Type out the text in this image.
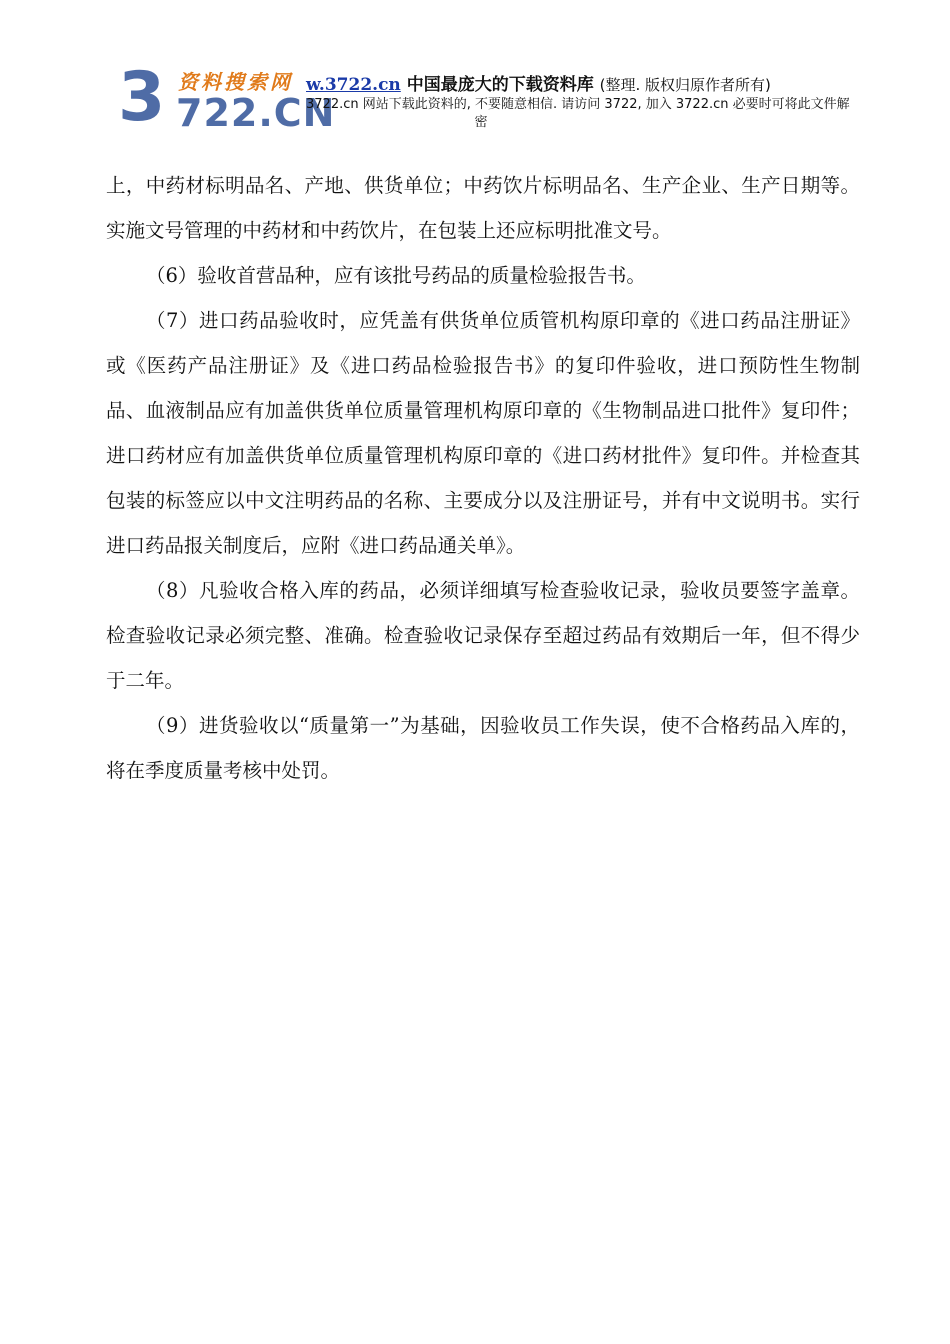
3 资料搜索网
722.CN
w.3722.cn 中国最庞大的下载资料库 (整理. 版权归原作者所有)
3722.cn 网站下载此资料的, 不要随意相信. 请访问 3722, 加入 3722.cn 必要时可将此文件解
密

上，中药材标明品名、产地、供货单位；中药饮片标明品名、生产企业、生产日期等。实施文号管理的中药材和中药饮片，在包装上还应标明批准文号。

（6）验收首营品种，应有该批号药品的质量检验报告书。

（7）进口药品验收时，应凭盖有供货单位质管机构原印章的《进口药品注册证》或《医药产品注册证》及《进口药品检验报告书》的复印件验收，进口预防性生物制品、血液制品应有加盖供货单位质量管理机构原印章的《生物制品进口批件》复印件；进口药材应有加盖供货单位质量管理机构原印章的《进口药材批件》复印件。并检查其包装的标签应以中文注明药品的名称、主要成分以及注册证号，并有中文说明书。实行进口药品报关制度后，应附《进口药品通关单》。

（8）凡验收合格入库的药品，必须详细填写检查验收记录，验收员要签字盖章。检查验收记录必须完整、准确。检查验收记录保存至超过药品有效期后一年，但不得少于二年。

（9）进货验收以“质量第一”为基础，因验收员工作失误，使不合格药品入库的，将在季度质量考核中处罚。
